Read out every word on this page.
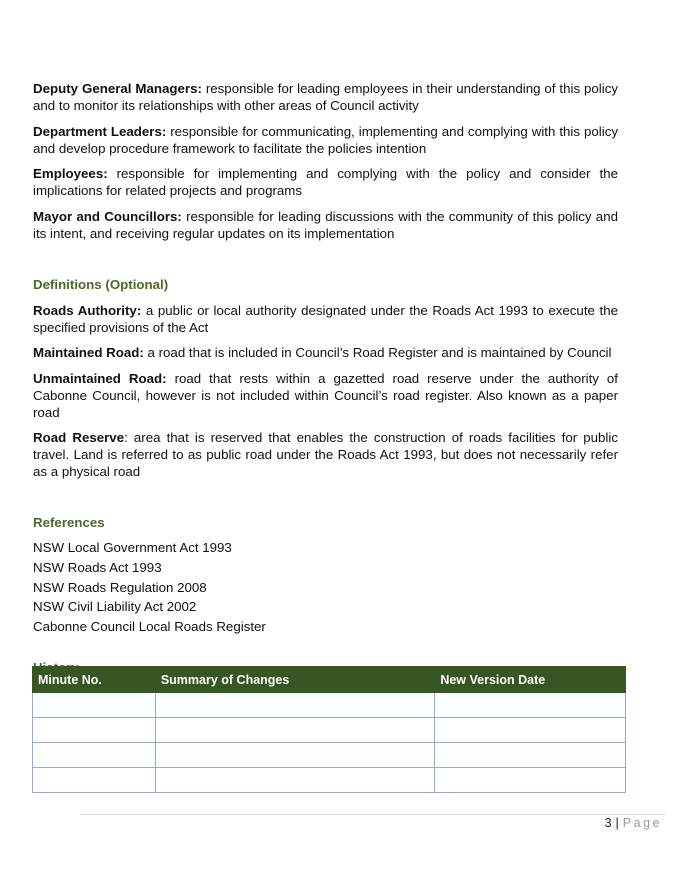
Deputy General Managers: responsible for leading employees in their understanding of this policy and to monitor its relationships with other areas of Council activity

Department Leaders: responsible for communicating, implementing and complying with this policy and develop procedure framework to facilitate the policies intention

Employees: responsible for implementing and complying with the policy and consider the implications for related projects and programs

Mayor and Councillors: responsible for leading discussions with the community of this policy and its intent, and receiving regular updates on its implementation

Definitions (Optional)

Roads Authority: a public or local authority designated under the Roads Act 1993 to execute the specified provisions of the Act

Maintained Road: a road that is included in Council’s Road Register and is maintained by Council

Unmaintained Road: road that rests within a gazetted road reserve under the authority of Cabonne Council, however is not included within Council’s road register. Also known as a paper road

Road Reserve: area that is reserved that enables the construction of roads facilities for public travel. Land is referred to as public road under the Roads Act 1993, but does not necessarily refer as a physical road

References
NSW Local Government Act 1993
NSW Roads Act 1993
NSW Roads Regulation 2008
NSW Civil Liability Act 2002
Cabonne Council Local Roads Register
Minute No.	Summary of Changes	New Version Date

3 | Page
